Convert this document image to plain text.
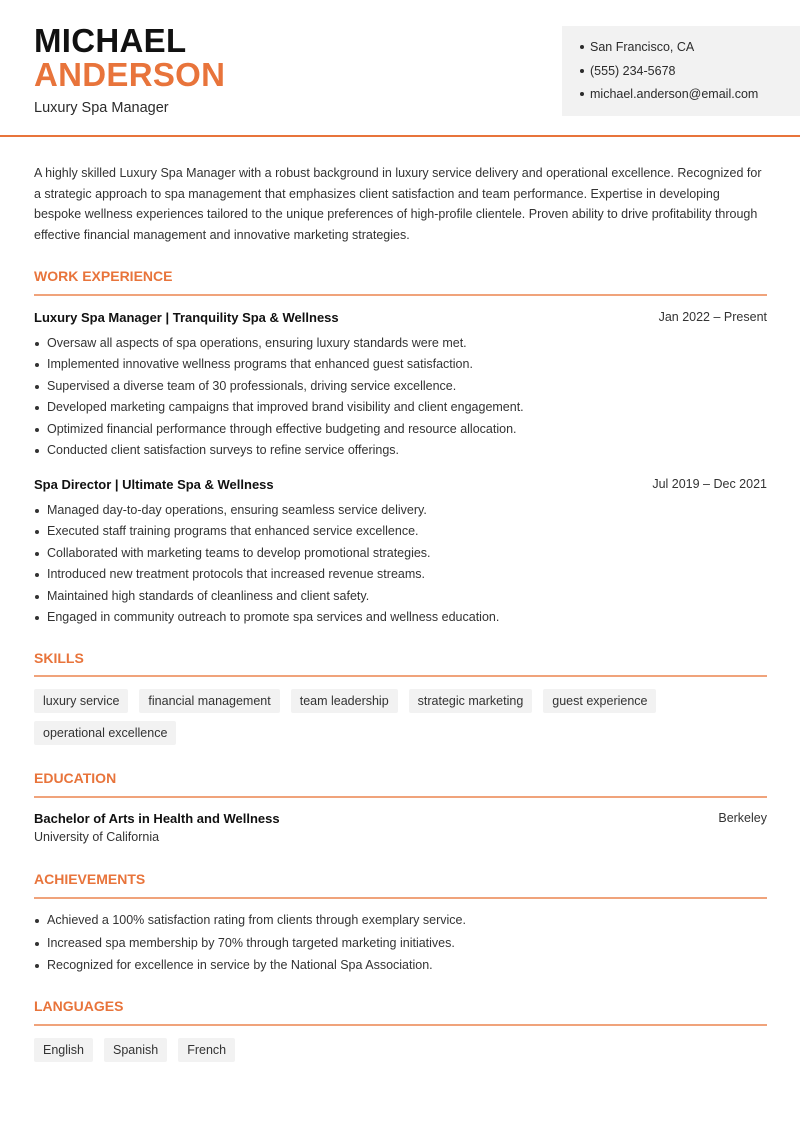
MICHAEL
ANDERSON
Luxury Spa Manager
San Francisco, CA
(555) 234-5678
michael.anderson@email.com
A highly skilled Luxury Spa Manager with a robust background in luxury service delivery and operational excellence. Recognized for a strategic approach to spa management that emphasizes client satisfaction and team performance. Expertise in developing bespoke wellness experiences tailored to the unique preferences of high-profile clientele. Proven ability to drive profitability through effective financial management and innovative marketing strategies.
WORK EXPERIENCE
Luxury Spa Manager | Tranquility Spa & Wellness	Jan 2022 – Present
Oversaw all aspects of spa operations, ensuring luxury standards were met.
Implemented innovative wellness programs that enhanced guest satisfaction.
Supervised a diverse team of 30 professionals, driving service excellence.
Developed marketing campaigns that improved brand visibility and client engagement.
Optimized financial performance through effective budgeting and resource allocation.
Conducted client satisfaction surveys to refine service offerings.
Spa Director | Ultimate Spa & Wellness	Jul 2019 – Dec 2021
Managed day-to-day operations, ensuring seamless service delivery.
Executed staff training programs that enhanced service excellence.
Collaborated with marketing teams to develop promotional strategies.
Introduced new treatment protocols that increased revenue streams.
Maintained high standards of cleanliness and client safety.
Engaged in community outreach to promote spa services and wellness education.
SKILLS
luxury service	financial management	team leadership	strategic marketing	guest experience
operational excellence
EDUCATION
Bachelor of Arts in Health and Wellness	Berkeley
University of California
ACHIEVEMENTS
Achieved a 100% satisfaction rating from clients through exemplary service.
Increased spa membership by 70% through targeted marketing initiatives.
Recognized for excellence in service by the National Spa Association.
LANGUAGES
English	Spanish	French
